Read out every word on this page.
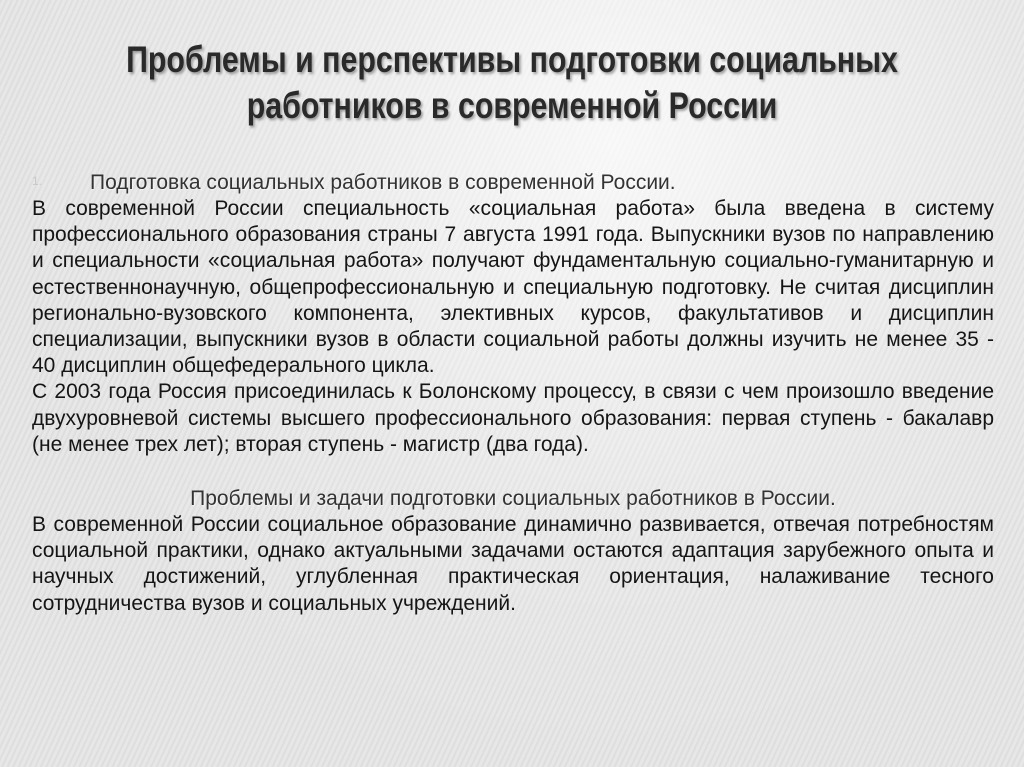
Проблемы и перспективы подготовки социальных
работников в современной России
1.	Подготовка социальных работников в современной России.

В современной России специальность «социальная работа» была введена в систему профессионального образования страны 7 августа 1991 года. Выпускники вузов по направлению и специальности «социальная работа» получают фундаментальную социально-гуманитарную и естественнонаучную, общепрофессиональную и специальную подготовку. Не считая дисциплин регионально-вузовского компонента, элективных курсов, факультативов и дисциплин специализации, выпускники вузов в области социальной работы должны изучить не менее 35 - 40 дисциплин общефедерального цикла.

С 2003 года Россия присоединилась к Болонскому процессу, в связи с чем произошло введение двухуровневой системы высшего профессионального образования: первая ступень - бакалавр (не менее трех лет); вторая ступень - магистр (два года).

Проблемы и задачи подготовки социальных работников в России.

В современной России социальное образование динамично развивается, отвечая потребностям социальной практики, однако актуальными задачами остаются адаптация зарубежного опыта и научных достижений, углубленная практическая ориентация, налаживание тесного сотрудничества вузов и социальных учреждений.
